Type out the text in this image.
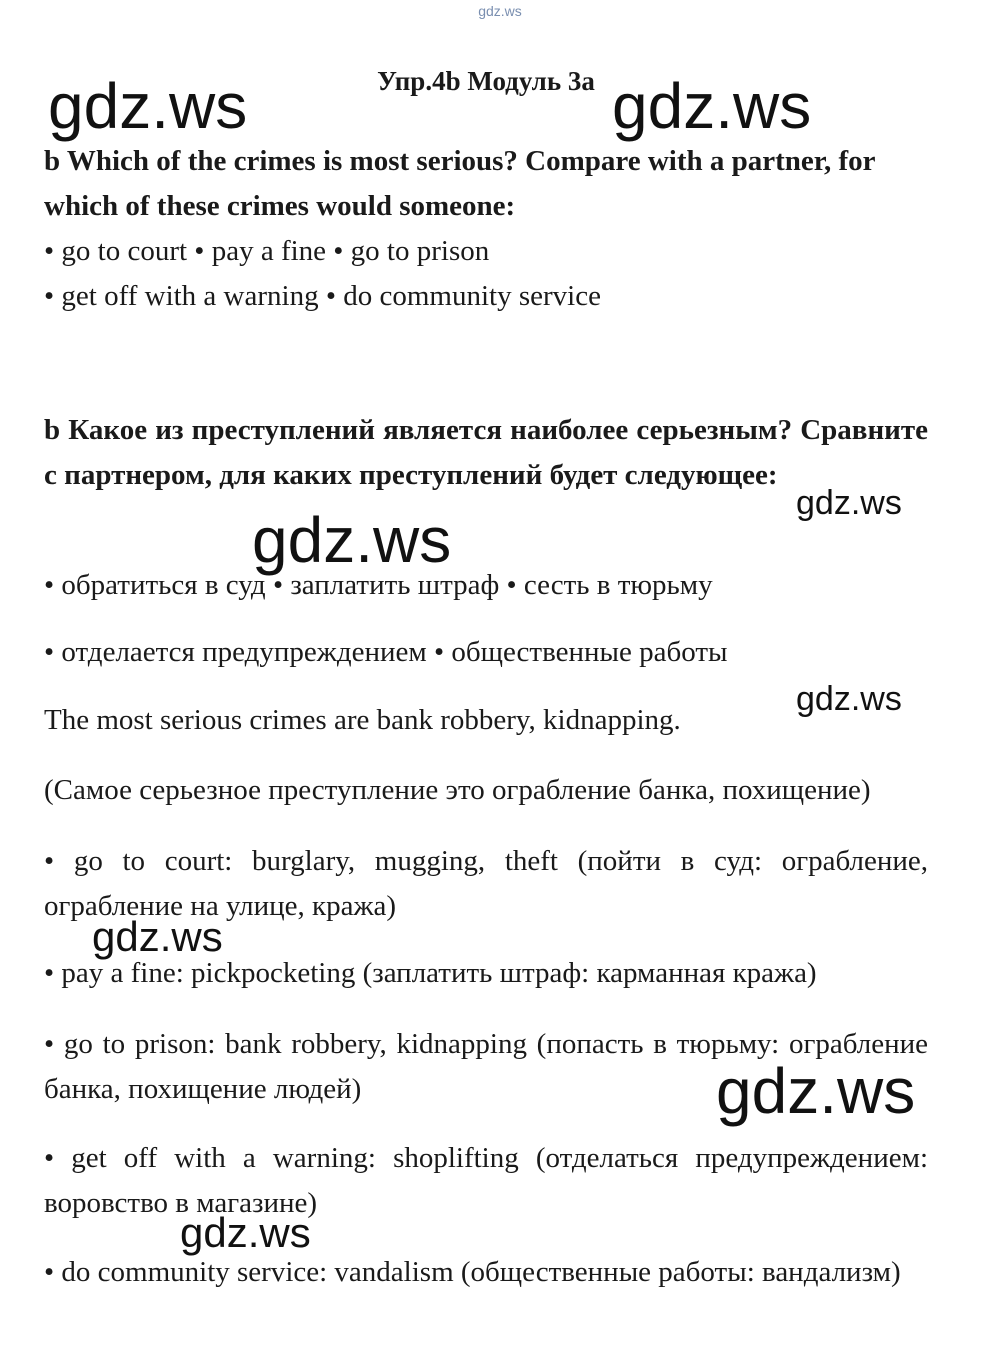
gdz.ws
Упр.4b Модуль 3a

b Which of the crimes is most serious? Compare with a partner, for which of these crimes would someone:

• go to court • pay a fine • go to prison

• get off with a warning • do community service

b Какое из преступлений является наиболее серьезным? Сравните с партнером, для каких преступлений будет следующее:

• обратиться в суд • заплатить штраф • сесть в тюрьму

• отделается предупреждением • общественные работы

The most serious crimes are bank robbery, kidnapping.

(Самое серьезное преступление это ограбление банка, похищение)

• go to court: burglary, mugging, theft (пойти в суд: ограбление, ограбление на улице, кража)

• pay a fine: pickpocketing (заплатить штраф: карманная кража)

• go to prison: bank robbery, kidnapping (попасть в тюрьму: ограбление банка, похищение людей)

• get off with a warning: shoplifting (отделаться предупреждением: воровство в магазине)

• do community service: vandalism (общественные работы: вандализм)

gdz.ws	gdz.ws
gdz.ws
gdz.ws
gdz.ws
gdz.ws
gdz.ws
gdz.ws
